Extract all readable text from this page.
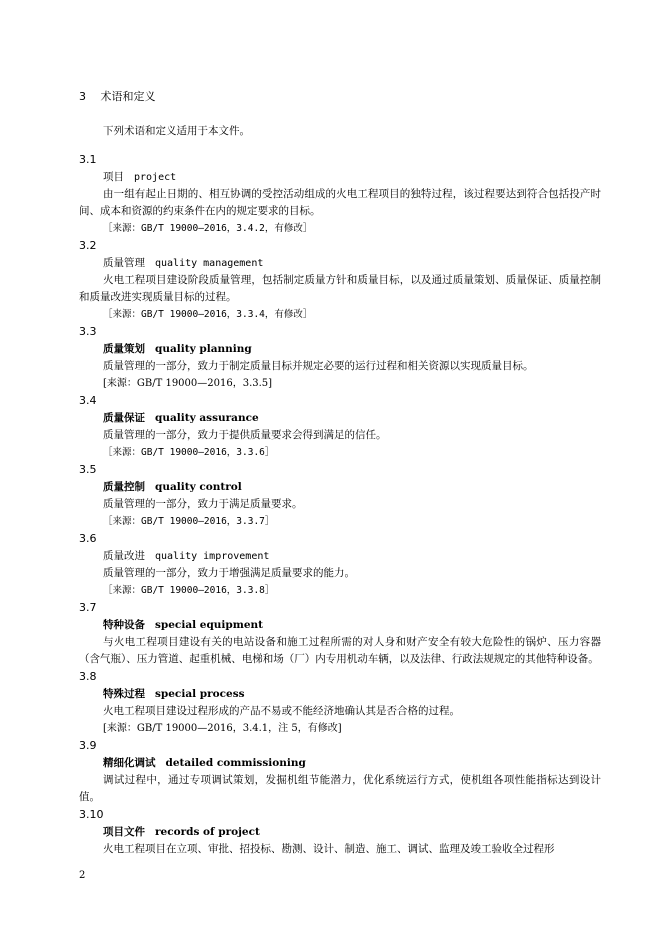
3 术语和定义
下列术语和定义适用于本文件。
3.1
项目 project
由一组有起止日期的、相互协调的受控活动组成的火电工程项目的独特过程，该过程要达到符合包括投产时间、成本和资源的约束条件在内的规定要求的目标。
［来源：GB/T 19000—2016，3.4.2，有修改］
3.2
质量管理 quality management
火电工程项目建设阶段质量管理，包括制定质量方针和质量目标，以及通过质量策划、质量保证、质量控制和质量改进实现质量目标的过程。
［来源：GB/T 19000—2016，3.3.4，有修改］
3.3
质量策划 quality planning
质量管理的一部分，致力于制定质量目标并规定必要的运行过程和相关资源以实现质量目标。
[来源：GB/T 19000—2016，3.3.5]
3.4
质量保证 quality assurance
质量管理的一部分，致力于提供质量要求会得到满足的信任。
［来源：GB/T 19000—2016，3.3.6］
3.5
质量控制 quality control
质量管理的一部分，致力于满足质量要求。
［来源：GB/T 19000—2016，3.3.7］
3.6
质量改进 quality improvement
质量管理的一部分，致力于增强满足质量要求的能力。
［来源：GB/T 19000—2016，3.3.8］
3.7
特种设备 special equipment
与火电工程项目建设有关的电站设备和施工过程所需的对人身和财产安全有较大危险性的锅炉、压力容器（含气瓶）、压力管道、起重机械、电梯和场（厂）内专用机动车辆，以及法律、行政法规规定的其他特种设备。
3.8
特殊过程 special process
火电工程项目建设过程形成的产品不易或不能经济地确认其是否合格的过程。
[来源：GB/T 19000—2016，3.4.1，注 5，有修改]
3.9
精细化调试 detailed commissioning
调试过程中，通过专项调试策划，发掘机组节能潜力，优化系统运行方式，使机组各项性能指标达到设计值。
3.10
项目文件 records of project
火电工程项目在立项、审批、招投标、勘测、设计、制造、施工、调试、监理及竣工验收全过程形
2
